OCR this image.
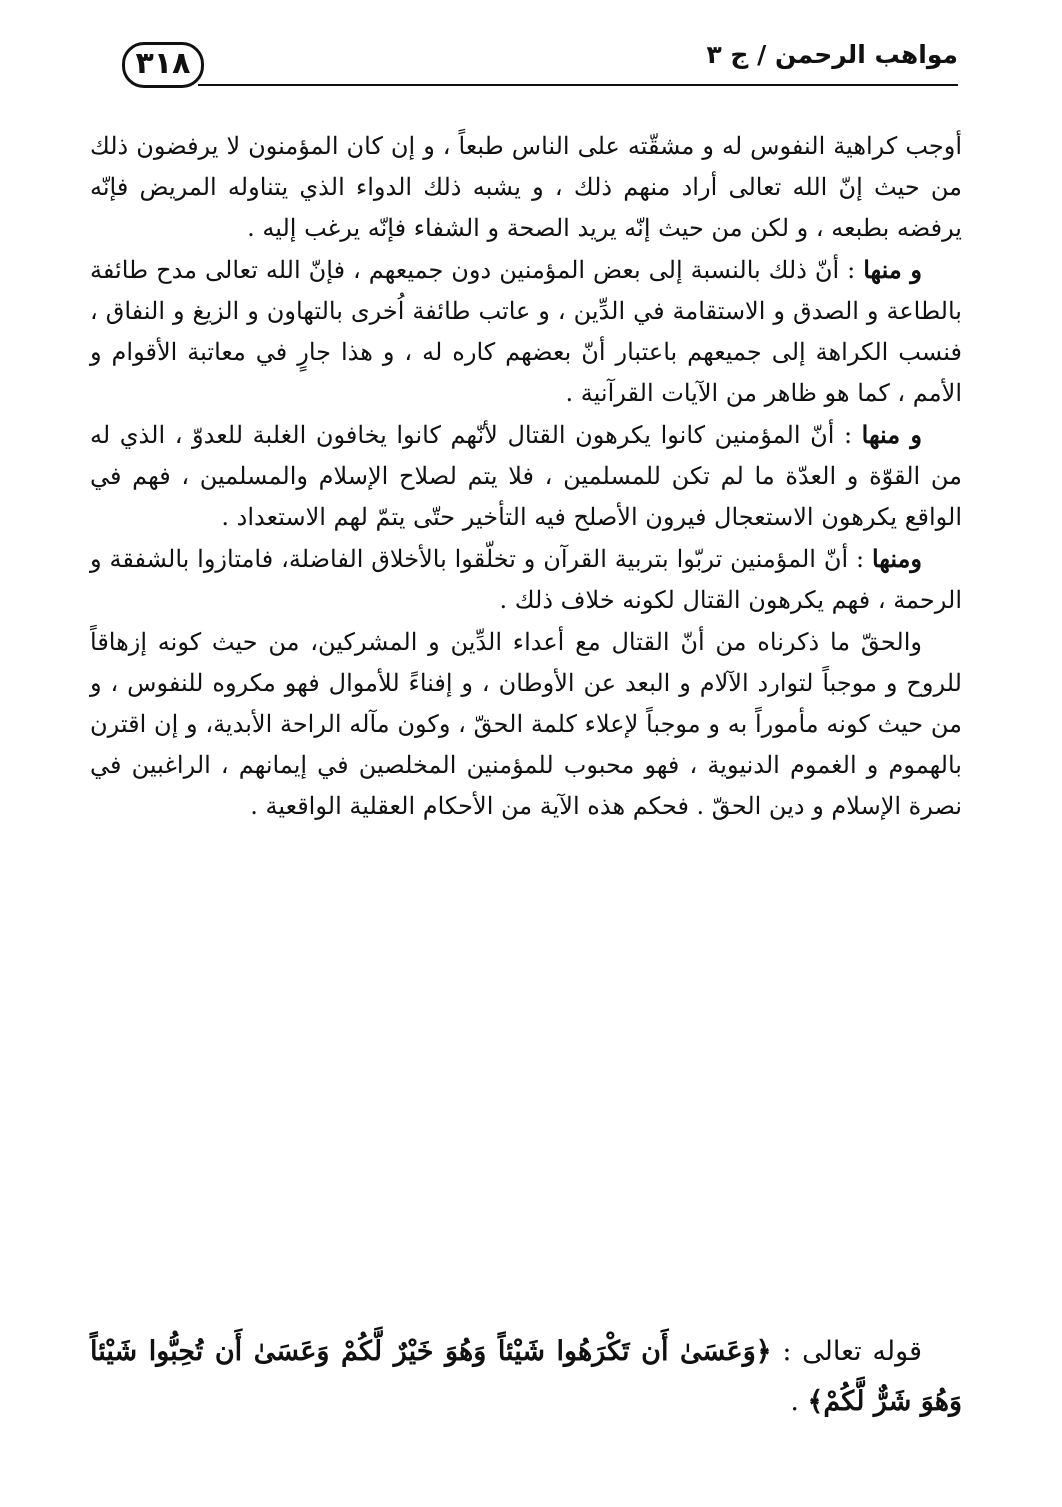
٣١٨	مواهب الرحمن / ج ٣

أوجب كراهية النفوس له و مشقّته على الناس طبعاً ، و إن كان المؤمنون لا يرفضون ذلك من حيث إنّ الله تعالى أراد منهم ذلك ، و يشبه ذلك الدواء الذي يتناوله المريض فإنّه يرفضه بطبعه ، و لكن من حيث إنّه يريد الصحة و الشفاء فإنّه يرغب إليه .

و منها : أنّ ذلك بالنسبة إلى بعض المؤمنين دون جميعهم ، فإنّ الله تعالى مدح طائفة بالطاعة و الصدق و الاستقامة في الدِّين ، و عاتب طائفة اُخرى بالتهاون و الزيغ و النفاق ، فنسب الكراهة إلى جميعهم باعتبار أنّ بعضهم كاره له ، و هذا جارٍ في معاتبة الأقوام و الأمم ، كما هو ظاهر من الآيات القرآنية .

و منها : أنّ المؤمنين كانوا يكرهون القتال لأنّهم كانوا يخافون الغلبة للعدوّ ، الذي له من القوّة و العدّة ما لم تكن للمسلمين ، فلا يتم لصلاح الإسلام والمسلمين ، فهم في الواقع يكرهون الاستعجال فيرون الأصلح فيه التأخير حتّى يتمّ لهم الاستعداد .

ومنها : أنّ المؤمنين تربّوا بتربية القرآن و تخلّقوا بالأخلاق الفاضلة، فامتازوا بالشفقة و الرحمة ، فهم يكرهون القتال لكونه خلاف ذلك .

والحقّ ما ذكرناه من أنّ القتال مع أعداء الدِّين و المشركين، من حيث كونه إزهاقاً للروح و موجباً لتوارد الآلام و البعد عن الأوطان ، و إفناءً للأموال فهو مكروه للنفوس ، و من حيث كونه مأموراً به و موجباً لإعلاء كلمة الحقّ ، وكون مآله الراحة الأبدية، و إن اقترن بالهموم و الغموم الدنيوية ، فهو محبوب للمؤمنين المخلصين في إيمانهم ، الراغبين في نصرة الإسلام و دين الحقّ . فحكم هذه الآية من الأحكام العقلية الواقعية .

قوله تعالى : ﴿وَعَسَىٰ أَن تَكْرَهُوا شَيْئاً وَهُوَ خَيْرٌ لَّكُمْ وَعَسَىٰ أَن تُحِبُّوا شَيْئاً وَهُوَ شَرٌّ لَّكُمْ﴾ .
